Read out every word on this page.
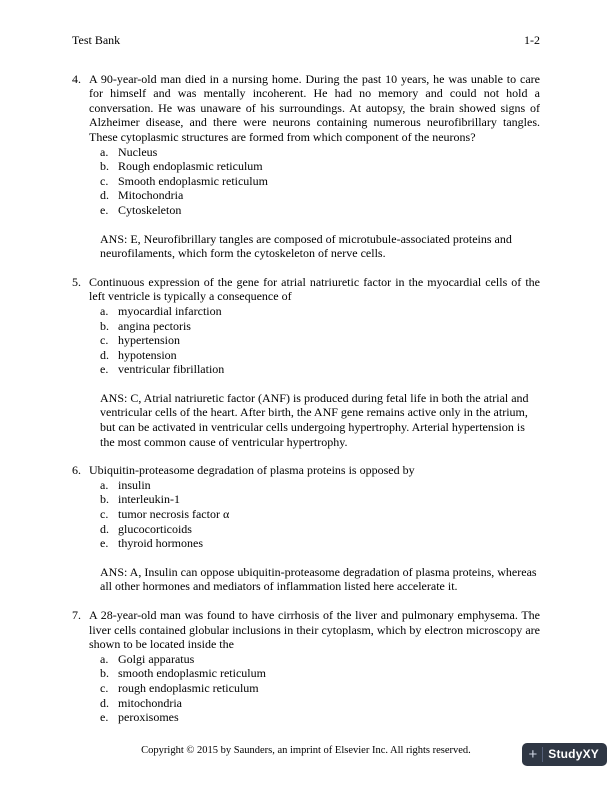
Test Bank	1-2
4. A 90-year-old man died in a nursing home. During the past 10 years, he was unable to care for himself and was mentally incoherent. He had no memory and could not hold a conversation. He was unaware of his surroundings. At autopsy, the brain showed signs of Alzheimer disease, and there were neurons containing numerous neurofibrillary tangles. These cytoplasmic structures are formed from which component of the neurons?
a. Nucleus
b. Rough endoplasmic reticulum
c. Smooth endoplasmic reticulum
d. Mitochondria
e. Cytoskeleton
ANS: E, Neurofibrillary tangles are composed of microtubule-associated proteins and neurofilaments, which form the cytoskeleton of nerve cells.
5. Continuous expression of the gene for atrial natriuretic factor in the myocardial cells of the left ventricle is typically a consequence of
a. myocardial infarction
b. angina pectoris
c. hypertension
d. hypotension
e. ventricular fibrillation
ANS: C, Atrial natriuretic factor (ANF) is produced during fetal life in both the atrial and ventricular cells of the heart. After birth, the ANF gene remains active only in the atrium, but can be activated in ventricular cells undergoing hypertrophy. Arterial hypertension is the most common cause of ventricular hypertrophy.
6. Ubiquitin-proteasome degradation of plasma proteins is opposed by
a. insulin
b. interleukin-1
c. tumor necrosis factor α
d. glucocorticoids
e. thyroid hormones
ANS: A, Insulin can oppose ubiquitin-proteasome degradation of plasma proteins, whereas all other hormones and mediators of inflammation listed here accelerate it.
7. A 28-year-old man was found to have cirrhosis of the liver and pulmonary emphysema. The liver cells contained globular inclusions in their cytoplasm, which by electron microscopy are shown to be located inside the
a. Golgi apparatus
b. smooth endoplasmic reticulum
c. rough endoplasmic reticulum
d. mitochondria
e. peroxisomes
Copyright © 2015 by Saunders, an imprint of Elsevier Inc. All rights reserved.	+ StudyXY
